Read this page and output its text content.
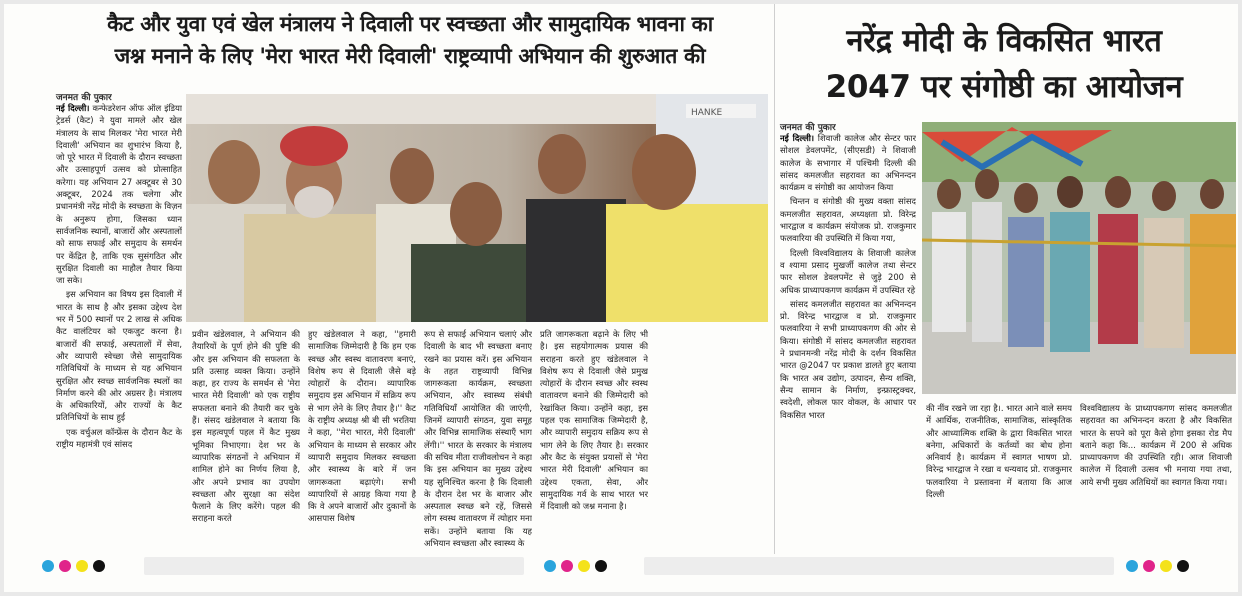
कैट और युवा एवं खेल मंत्रालय ने दिवाली पर स्वच्छता और सामुदायिक भावना का
जश्न मनाने के लिए 'मेरा भारत मेरी दिवाली' राष्ट्रव्यापी अभियान की शुरुआत की
जनमत की पुकार
HANKE

नई दिल्ली। कन्फेडरेशन ऑफ ऑल इंडिया ट्रेडर्स (कैट) ने युवा मामले और खेल मंत्रालय के साथ मिलकर 'मेरा भारत मेरी दिवाली' अभियान का शुभारंभ किया है, जो पूरे भारत में दिवाली के दौरान स्वच्छता और उत्साहपूर्ण उत्सव को प्रोत्साहित करेगा। यह अभियान 27 अक्टूबर से 30 अक्टूबर, 2024 तक चलेगा और प्रधानमंत्री नरेंद्र मोदी के स्वच्छता के विज़न के अनुरूप होगा, जिसका ध्यान सार्वजनिक स्थानों, बाजारों और अस्पतालों को साफ सफाई और समुदाय के समर्थन पर केंद्रित है, ताकि एक सुसंगठित और सुरक्षित दिवाली का माहौल तैयार किया जा सके।

इस अभियान का विषय इस दिवाली में भारत के साथ है और इसका उद्देश्य देश भर में 500 स्थानों पर 2 लाख से अधिक कैट वालंटियर को एकजुट करना है। बाजारों की सफाई, अस्पतालों में सेवा, और व्यापारी स्वेच्छा जैसे सामुदायिक गतिविधियों के माध्यम से यह अभियान सुरक्षित और स्वच्छ सार्वजनिक स्थलों का निर्माण करने की ओर अग्रसर है। मंत्रालय के अधिकारियों, और राज्यों के कैट प्रतिनिधियों के साथ हुई

एक वर्चुअल कॉन्फ्रेंस के दौरान कैट के राष्ट्रीय महामंत्री एवं सांसद

प्रवीन खंडेलवाल, ने अभियान की तैयारियों के पूर्ण होने की पुष्टि की और इस अभियान की सफलता के प्रति उत्साह व्यक्त किया। उन्होंने कहा, हर राज्य के समर्थन से 'मेरा भारत मेरी दिवाली' को एक राष्ट्रीय सफलता बनाने की तैयारी कर चुके हैं। संसद खंडेलवाल ने बताया कि इस महत्वपूर्ण पहल में कैट मुख्य भूमिका निभाएगा। देश भर के व्यापारिक संगठनों ने अभियान में शामिल होने का निर्णय लिया है, और अपने प्रभाव का उपयोग स्वच्छता और सुरक्षा का संदेश फैलाने के लिए करेंगे। पहल की सराहना करते

हुए खंडेलवाल ने कहा, ''हमारी सामाजिक जिम्मेदारी है कि हम एक स्वच्छ और स्वस्थ वातावरण बनाएं, विशेष रूप से दिवाली जैसे बड़े त्योहारों के दौरान। व्यापारिक समुदाय इस अभियान में सक्रिय रूप से भाग लेने के लिए तैयार है।'' कैट के राष्ट्रीय अध्यक्ष श्री बी सी भरतिया ने कहा, ''मेरा भारत, मेरी दिवाली' अभियान के माध्यम से सरकार और व्यापारी समुदाय मिलकर स्वच्छता और स्वास्थ्य के बारे में जन जागरूकता बढ़ाएंगे। सभी व्यापारियों से आग्रह किया गया है कि वे अपने बाजारों और दुकानों के आसपास विशेष

रूप से सफाई अभियान चलाएं और दिवाली के बाद भी स्वच्छता बनाए रखने का प्रयास करें। इस अभियान के तहत राष्ट्रव्यापी विभिन्न जागरूकता कार्यक्रम, स्वच्छता अभियान, और स्वास्थ्य संबंधी गतिविधियाँ आयोजित की जाएंगी, जिनमें व्यापारी संगठन, युवा समूह और विभिन्न सामाजिक संस्थाएँ भाग लेंगी।'' भारत के सरकार के मंत्रालय की सचिव मीता राजीवलोचन ने कहा कि इस अभियान का मुख्य उद्देश्य यह सुनिश्चित करना है कि दिवाली के दौरान देश भर के बाजार और अस्पताल स्वच्छ बने रहें, जिससे लोग स्वस्थ वातावरण में त्योहार मना सकें। उन्होंने बताया कि यह अभियान स्वच्छता और स्वास्थ्य के

प्रति जागरूकता बढ़ाने के लिए भी है। इस सहयोगात्मक प्रयास की सराहना करते हुए खंडेलवाल ने विशेष रूप से दिवाली जैसे प्रमुख त्योहारों के दौरान स्वच्छ और स्वस्थ वातावरण बनाने की जिम्मेदारी को रेखांकित किया। उन्होंने कहा, इस पहल एक सामाजिक जिम्मेदारी है, और व्यापारी समुदाय सक्रिय रूप से भाग लेने के लिए तैयार है। सरकार और कैट के संयुक्त प्रयासों से 'मेरा भारत मेरी दिवाली' अभियान का उद्देश्य एकता, सेवा, और सामुदायिक गर्व के साथ भारत भर में दिवाली को जश्न मनाना है।

नरेंद्र मोदी के विकसित भारत
2047 पर संगोष्ठी का आयोजन
जनमत की पुकार

नई दिल्ली। शिवाजी कालेज और सेन्टर फार सोशल डेवलपमेंट, (सीएसडी) ने शिवाजी कालेज के सभागार में पश्चिमी दिल्ली की सांसद कमलजीत सहरावत का अभिनन्दन कार्यक्रम व संगोष्ठी का आयोजन किया

चिन्तन व संगोष्ठी की मुख्य वक्ता सांसद कमलजीत सहरावत, अध्यक्षता प्रो. विरेन्द्र भारद्वाज व कार्यक्रम संयोजक प्रो. राजकुमार फलवारिया की उपस्थिति में किया गया,

दिल्ली विश्वविद्यालय के शिवाजी कालेज व श्यामा प्रसाद मुखर्जी कालेज तथा सेन्टर फार सोशल डेवलपमेंट से जुड़े 200 से अधिक प्राध्यापकगण कार्यक्रम में उपस्थित रहे

सांसद कमलजीत सहरावत का अभिनन्दन प्रो. विरेन्द्र भारद्वाज व प्रो. राजकुमार फलवारिया ने सभी प्राध्यापकगण की ओर से किया। संगोष्ठी में सांसद कमलजीत सहरावत ने प्रधानमन्त्री नरेंद्र मोदी के दर्शन विकसित भारत @2047 पर प्रकाश डालते हुए बताया कि भारत अब उद्योग, उत्पादन, सैन्य शक्ति, सैन्य सामान के निर्माण, इन्फ्रास्ट्रक्चर, स्वदेशी, लोकल फार वोकल, के आधार पर विकसित भारत

की नींव रखने जा रहा है।. भारत आने वाले समय में आर्थिक, राजनीतिक, सामाजिक, सांस्कृतिक और आध्यात्मिक शक्ति के द्वारा विकसित भारत बनेगा, अधिकारों के कर्तव्यों का बोध होना अनिवार्य है। कार्यक्रम में स्वागत भाषण प्रो. विरेन्द्र भारद्वाज ने रखा व धन्यवाद प्रो. राजकुमार फलवारिया ने प्रस्तावना में बताया कि आज दिल्ली

विश्वविद्यालय के प्राध्यापकगण सांसद कमलजीत सहरावत का अभिनन्दन करता है और विकसित भारत के सपने को पूरा कैसे होगा इसका रोड मैप बताने कहा कि... कार्यक्रम में 200 से अधिक प्राध्यापकगण की उपस्थिति रही। आज शिवाजी कालेज में दिवाली उत्सव भी मनाया गया तथा, आये सभी मुख्य अतिथियों का स्वागत किया गया।
